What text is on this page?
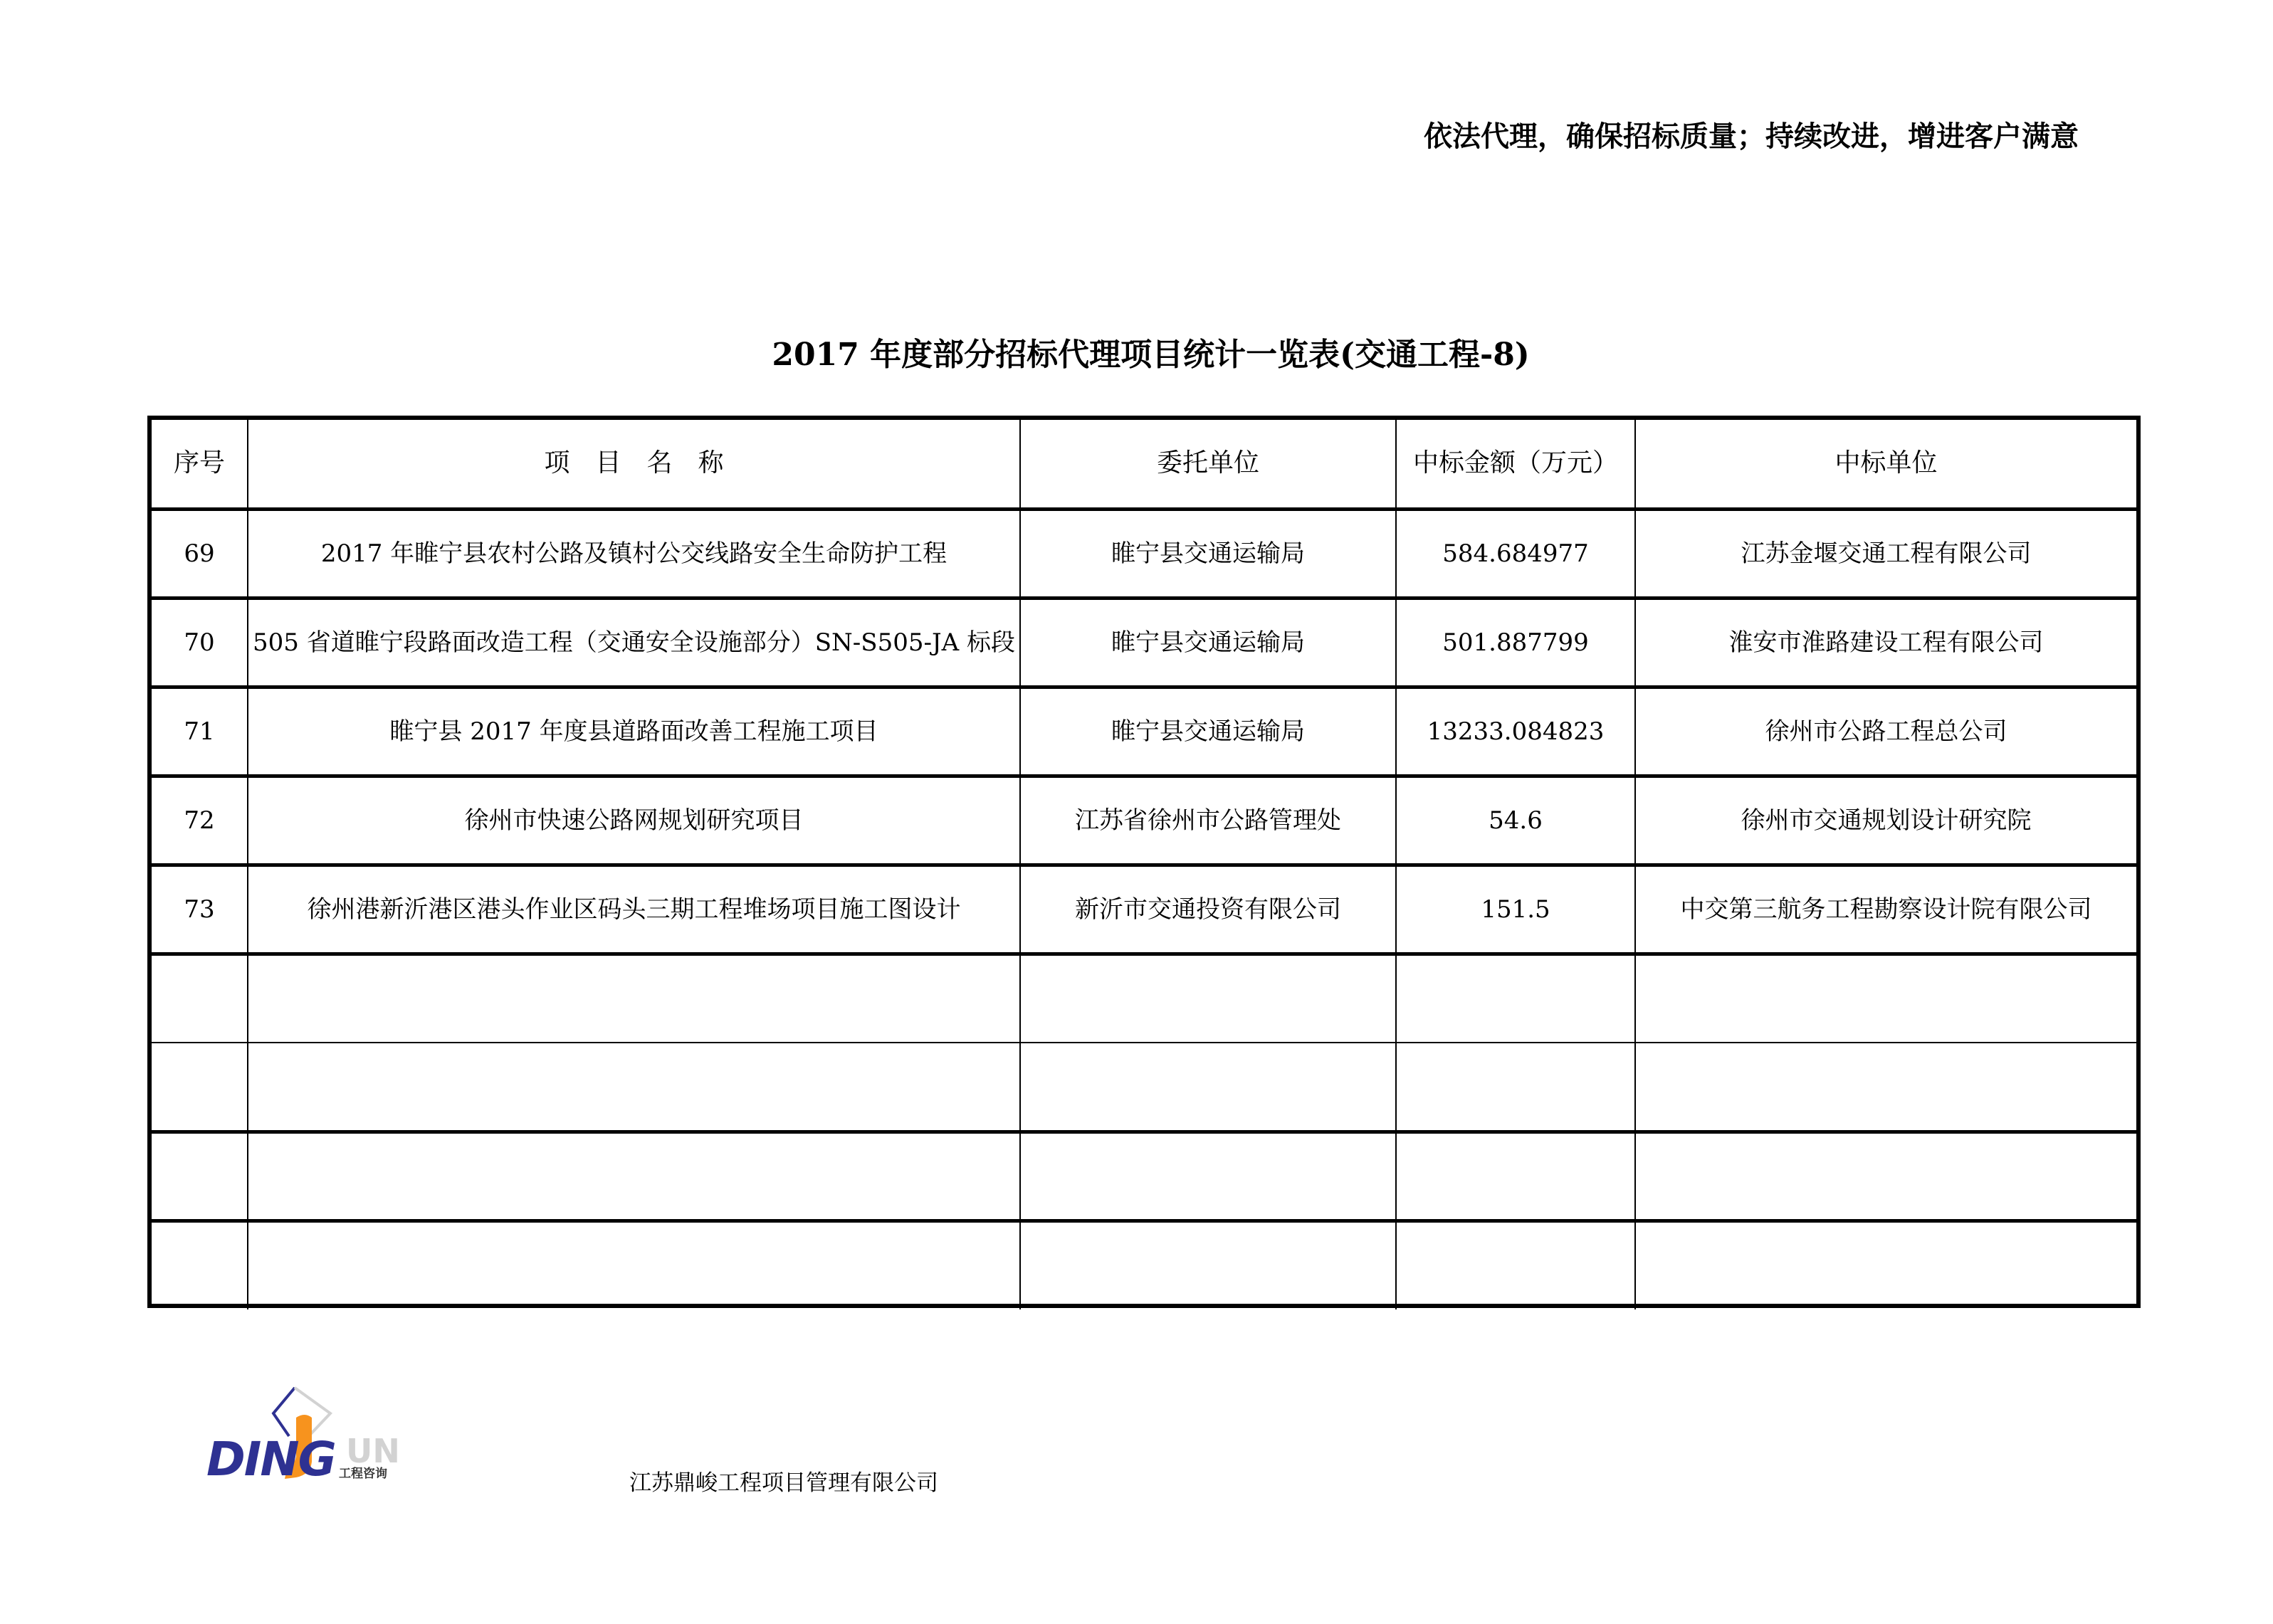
依法代理，确保招标质量；持续改进，增进客户满意
2017 年度部分招标代理项目统计一览表(交通工程-8)
序号	项　目　名　称	委托单位	中标金额（万元）	中标单位
69	2017 年睢宁县农村公路及镇村公交线路安全生命防护工程	睢宁县交通运输局	584.684977	江苏金堰交通工程有限公司
70	505 省道睢宁段路面改造工程（交通安全设施部分）SN-S505-JA 标段	睢宁县交通运输局	501.887799	淮安市淮路建设工程有限公司
71	睢宁县 2017 年度县道路面改善工程施工项目	睢宁县交通运输局	13233.084823	徐州市公路工程总公司
72	徐州市快速公路网规划研究项目	江苏省徐州市公路管理处	54.6	徐州市交通规划设计研究院
73	徐州港新沂港区港头作业区码头三期工程堆场项目施工图设计	新沂市交通投资有限公司	151.5	中交第三航务工程勘察设计院有限公司

DING UN
工程咨询	江苏鼎峻工程项目管理有限公司
